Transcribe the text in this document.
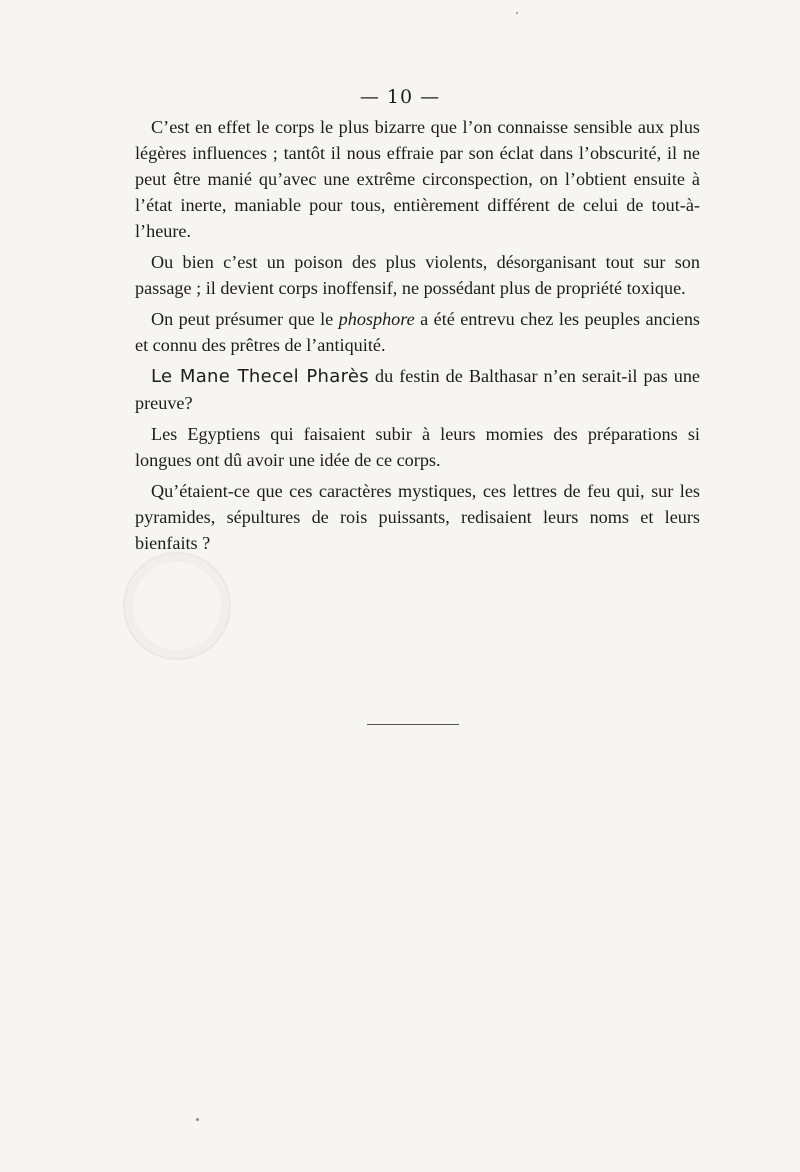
— 10 —

C’est en effet le corps le plus bizarre que l’on connaisse sensible aux plus légères influences ; tantôt il nous effraie par son éclat dans l’obscurité, il ne peut être manié qu’avec une extrême circonspection, on l’obtient ensuite à l’état inerte, maniable pour tous, entièrement différent de celui de tout-à-l’heure.

Ou bien c’est un poison des plus violents, désorganisant tout sur son passage ; il devient corps inoffensif, ne possédant plus de propriété toxique.

On peut présumer que le phosphore a été entrevu chez les peuples anciens et connu des prêtres de l’antiquité.

Le Mane Thecel Pharès du festin de Balthasar n’en serait-il pas une preuve?

Les Egyptiens qui faisaient subir à leurs momies des préparations si longues ont dû avoir une idée de ce corps.

Qu’étaient-ce que ces caractères mystiques, ces lettres de feu qui, sur les pyramides, sépultures de rois puissants, redisaient leurs noms et leurs bienfaits ?
